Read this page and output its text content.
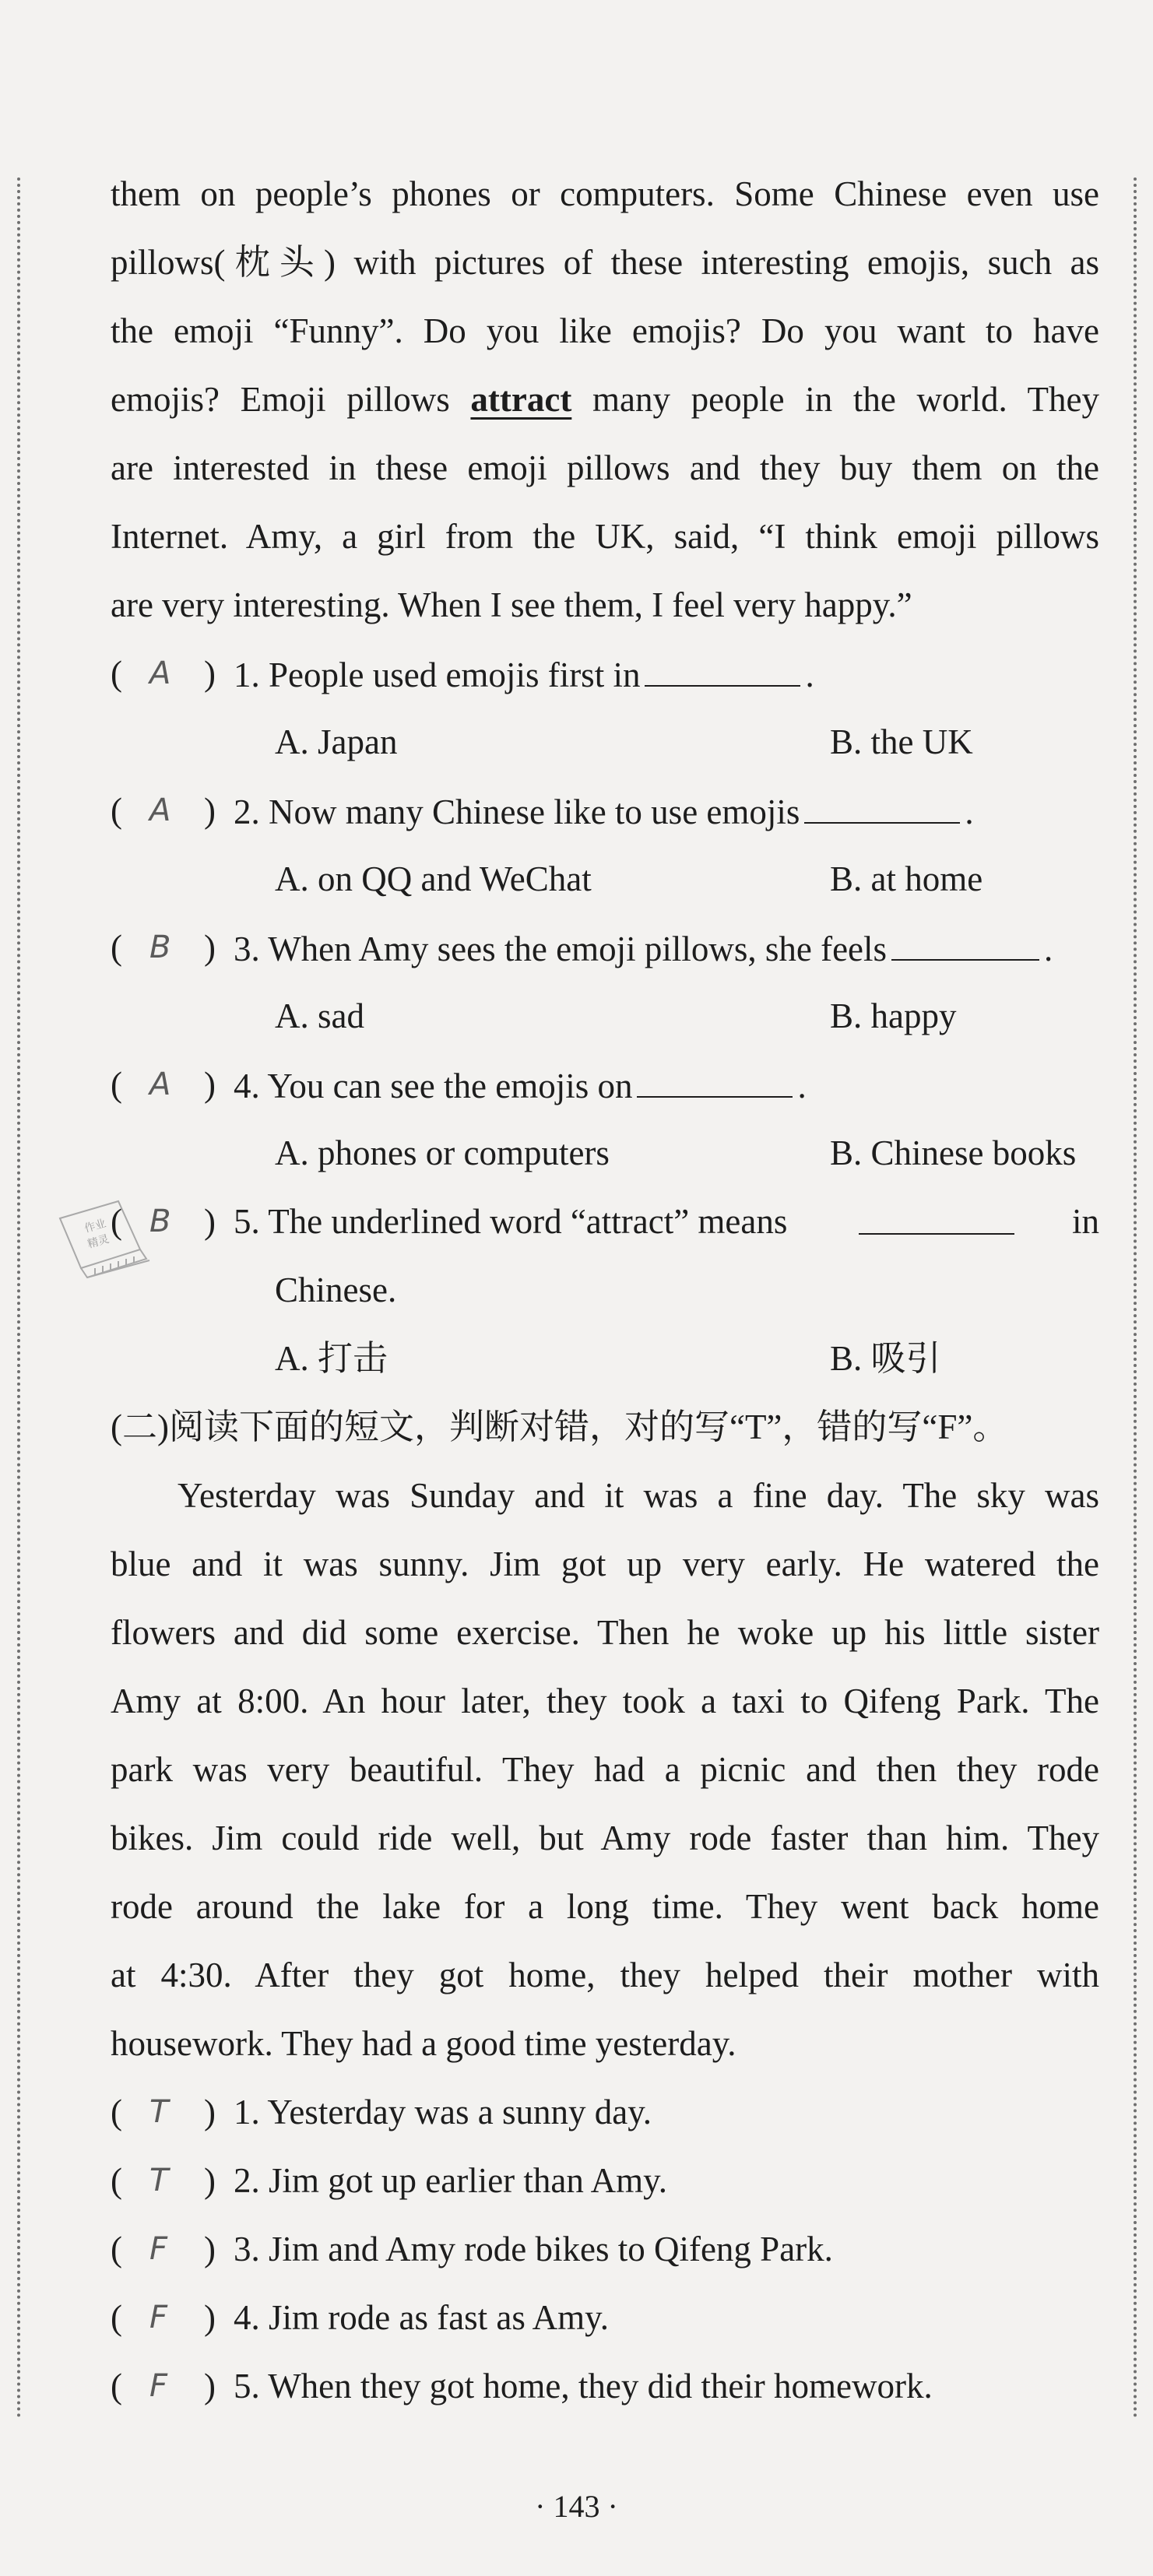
them on people’s phones or computers. Some Chinese even use
pillows(枕头) with pictures of these interesting emojis, such as
the emoji “Funny”. Do you like emojis? Do you want to have
emojis? Emoji pillows attract many people in the world. They
are interested in these emoji pillows and they buy them on the
Internet. Amy, a girl from the UK, said, “I think emoji pillows
are very interesting. When I see them, I feel very happy.”
( A ) 1. People used emojis first in	.
A. Japan	B. the UK
( A ) 2. Now many Chinese like to use emojis	.
A. on QQ and WeChat	B. at home
( B ) 3. When Amy sees the emoji pillows, she feels	.
A. sad	B. happy
( A ) 4. You can see the emojis on	.
A. phones or computers	B. Chinese books
( B ) 5. The underlined word “attract” means	in
Chinese.
A. 打击	B. 吸引
作业
精灵
(二)阅读下面的短文，判断对错，对的写“T”，错的写“F”。
Yesterday was Sunday and it was a fine day. The sky was
blue and it was sunny. Jim got up very early. He watered the
flowers and did some exercise. Then he woke up his little sister
Amy at 8:00. An hour later, they took a taxi to Qifeng Park. The
park was very beautiful. They had a picnic and then they rode
bikes. Jim could ride well, but Amy rode faster than him. They
rode around the lake for a long time. They went back home
at 4:30. After they got home, they helped their mother with
housework. They had a good time yesterday.
( T ) 1. Yesterday was a sunny day.
( T ) 2. Jim got up earlier than Amy.
( F ) 3. Jim and Amy rode bikes to Qifeng Park.
( F ) 4. Jim rode as fast as Amy.
( F ) 5. When they got home, they did their homework.
· 143 ·
